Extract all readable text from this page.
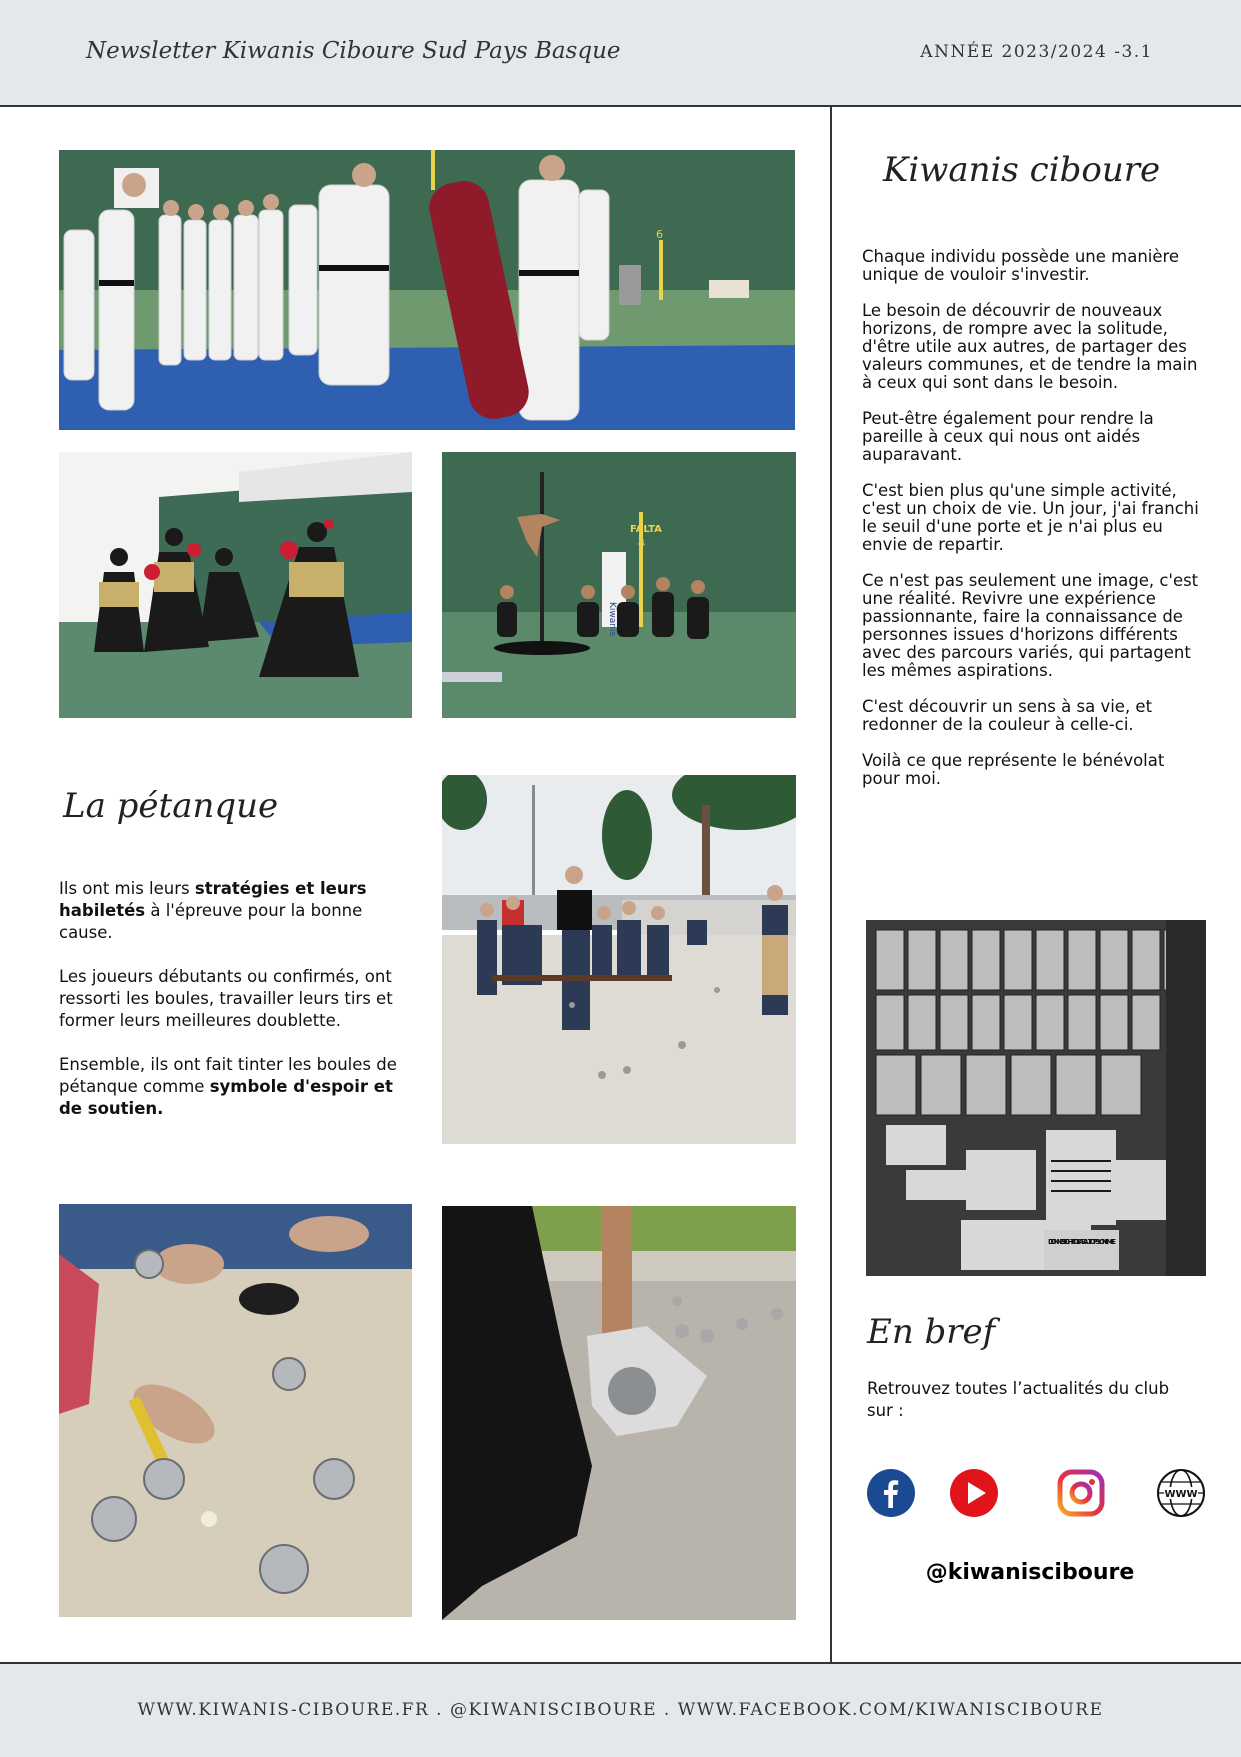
Newsletter Kiwanis Ciboure Sud Pays Basque	ANNÉE 2023/2024 -3.1
6
FALTA
4
Kiwanis
La pétanque

Ils ont mis leurs stratégies et leurs habiletés à l'épreuve pour la bonne cause.

Les joueurs débutants ou confirmés, ont ressorti les boules, travailler leurs tirs et former leurs meilleures doublette.

Ensemble, ils ont fait tinter les boules de pétanque comme symbole d'espoir et de soutien.

Kiwanis ciboure

Chaque individu possède une manière unique de vouloir s'investir.

Le besoin de découvrir de nouveaux horizons, de rompre avec la solitude, d'être utile aux autres, de partager des valeurs communes, et de tendre la main à ceux qui sont dans le besoin.

Peut-être également pour rendre la pareille à ceux qui nous ont aidés auparavant.

C'est bien plus qu'une simple activité, c'est un choix de vie. Un jour, j'ai franchi le seuil d'une porte et je n'ai plus eu envie de repartir.

Ce n'est pas seulement une image, c'est une réalité. Revivre une expérience passionnante, faire la connaissance de personnes issues d'horizons différents avec des parcours variés, qui partagent les mêmes aspirations.

C'est découvrir un sens à sa vie, et redonner de la couleur à celle-ci.

Voilà ce que représente le bénévolat pour moi.

DIONNES FIGHT TO BAR AUTOPSY ON EMILIE
En bref
Retrouvez toutes l’actualités du club sur :
WWW
@kiwanisciboure
WWW.KIWANIS-CIBOURE.FR . @KIWANISCIBOURE . WWW.FACEBOOK.COM/KIWANISCIBOURE
